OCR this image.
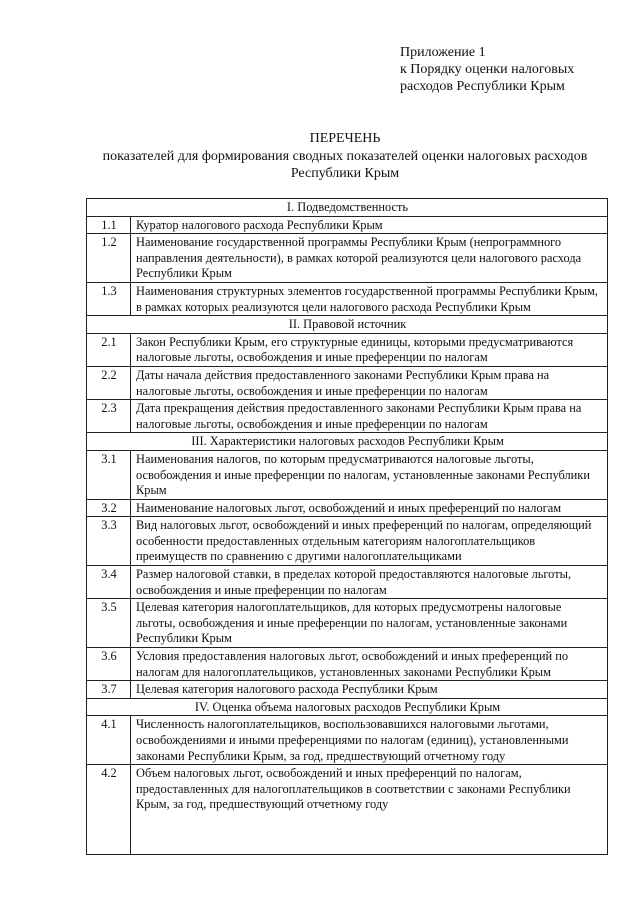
Приложение 1
к Порядку оценки налоговых
расходов Республики Крым
ПЕРЕЧЕНЬ
показателей для формирования сводных показателей оценки налоговых расходов Республики Крым
I. Подведомственность	
1.1	Куратор налогового расхода Республики Крым
1.2	Наименование государственной программы Республики Крым (непрограммного направления деятельности), в рамках которой реализуются цели налогового расхода Республики Крым
1.3	Наименования структурных элементов государственной программы Республики Крым, в рамках которых реализуются цели налогового расхода Республики Крым
II. Правовой источник	
2.1	Закон Республики Крым, его структурные единицы, которыми предусматриваются налоговые льготы, освобождения и иные преференции по налогам
2.2	Даты начала действия предоставленного законами Республики Крым права на налоговые льготы, освобождения и иные преференции по налогам
2.3	Дата прекращения действия предоставленного законами Республики Крым права на налоговые льготы, освобождения и иные преференции по налогам
III. Характеристики налоговых расходов Республики Крым	
3.1	Наименования налогов, по которым предусматриваются налоговые льготы, освобождения и иные преференции по налогам, установленные законами Республики Крым
3.2	Наименование налоговых льгот, освобождений и иных преференций по налогам
3.3	Вид налоговых льгот, освобождений и иных преференций по налогам, определяющий особенности предоставленных отдельным категориям налогоплательщиков преимуществ по сравнению с другими налогоплательщиками
3.4	Размер налоговой ставки, в пределах которой предоставляются налоговые льготы, освобождения и иные преференции по налогам
3.5	Целевая категория налогоплательщиков, для которых предусмотрены налоговые льготы, освобождения и иные преференции по налогам, установленные законами Республики Крым
3.6	Условия предоставления налоговых льгот, освобождений и иных преференций по налогам для налогоплательщиков, установленных законами Республики Крым
3.7	Целевая категория налогового расхода Республики Крым
IV. Оценка объема налоговых расходов Республики Крым	
4.1	Численность налогоплательщиков, воспользовавшихся налоговыми льготами, освобождениями и иными преференциями по налогам (единиц), установленными законами Республики Крым, за год, предшествующий отчетному году
4.2	Объем налоговых льгот, освобождений и иных преференций по налогам, предоставленных для налогоплательщиков в соответствии с законами Республики Крым, за год, предшествующий отчетному году
